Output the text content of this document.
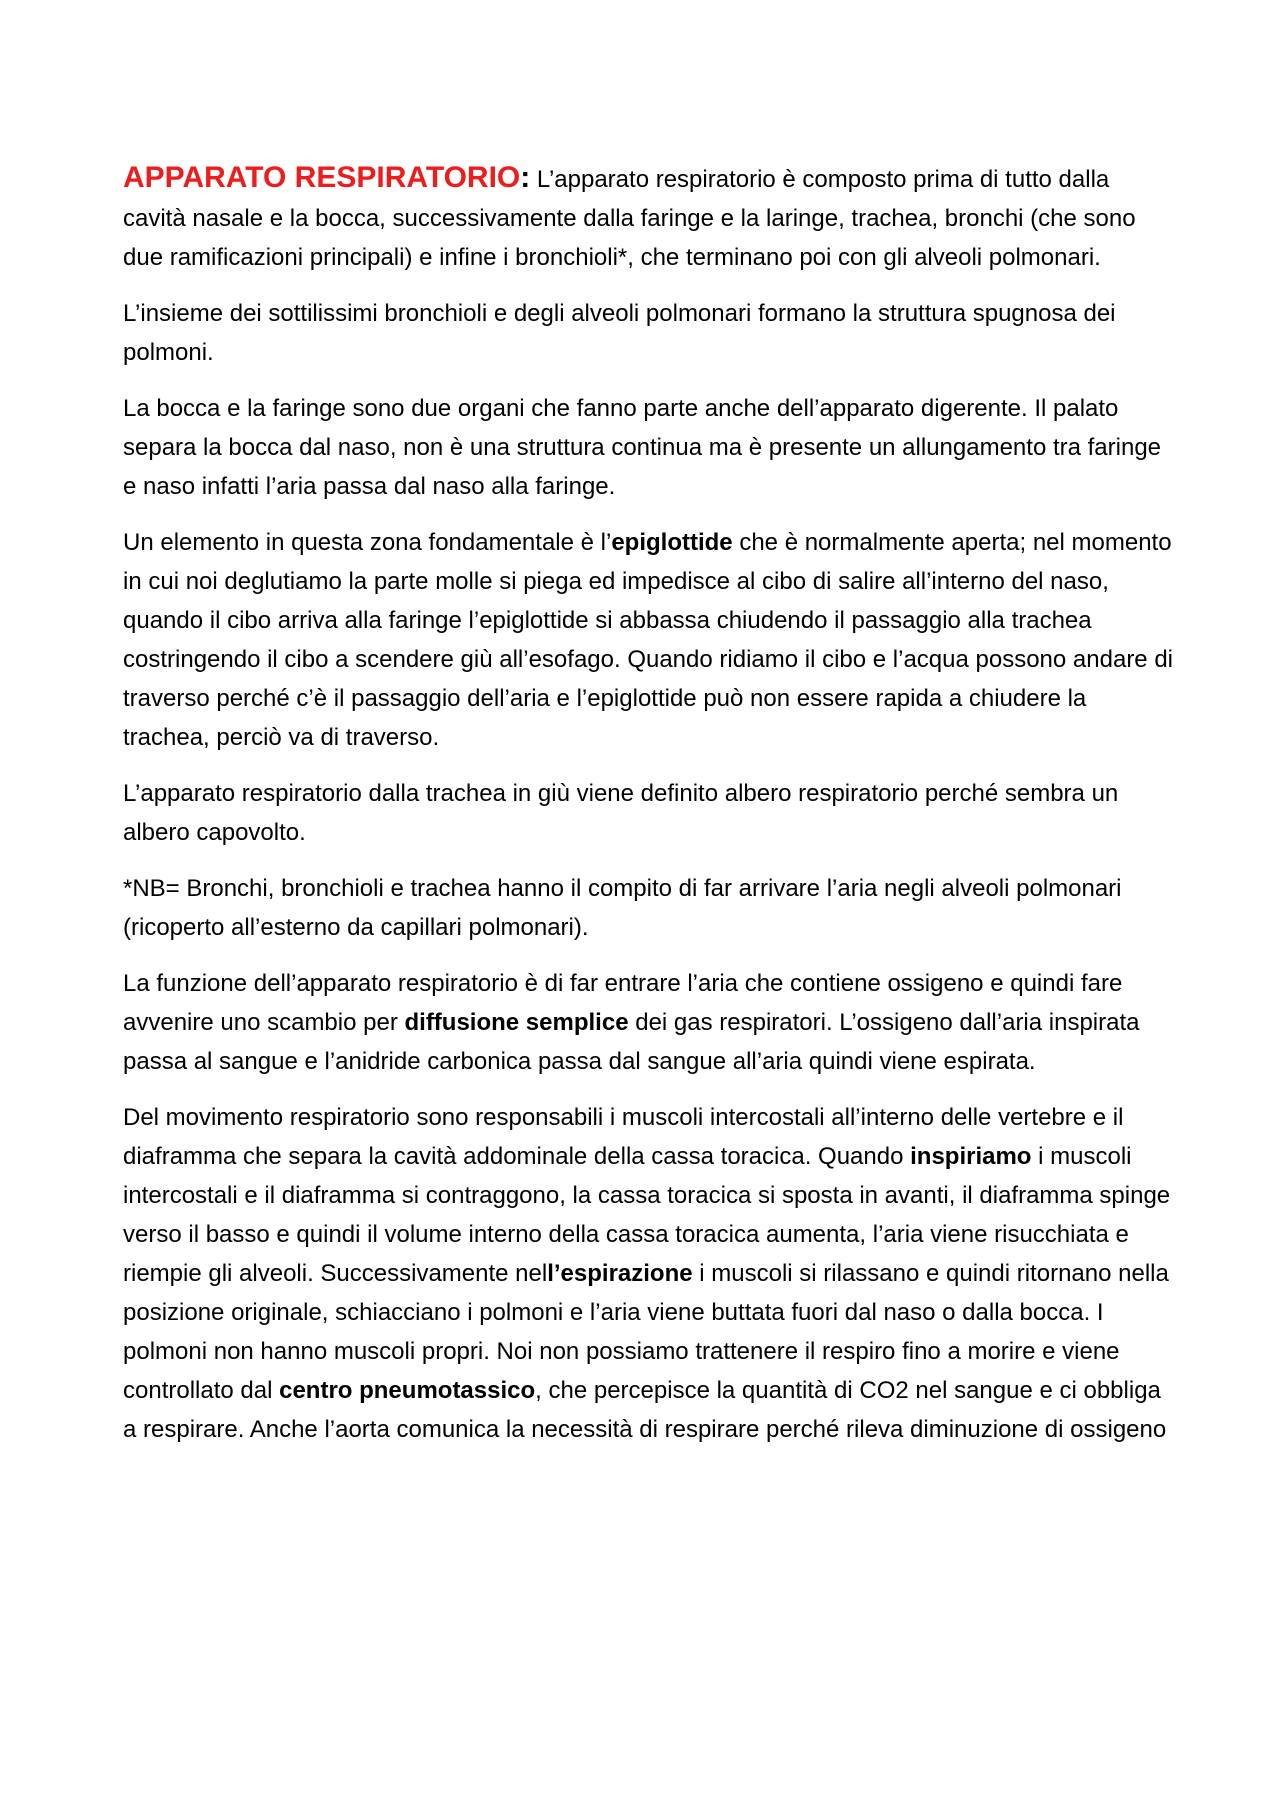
APPARATO RESPIRATORIO: L’apparato respiratorio è composto prima di tutto dalla cavità nasale e la bocca, successivamente dalla faringe e la laringe, trachea, bronchi (che sono due ramificazioni principali) e infine i bronchioli*, che terminano poi con gli alveoli polmonari.

L’insieme dei sottilissimi bronchioli e degli alveoli polmonari formano la struttura spugnosa dei polmoni.

La bocca e la faringe sono due organi che fanno parte anche dell’apparato digerente. Il palato separa la bocca dal naso, non è una struttura continua ma è presente un allungamento tra faringe e naso infatti l’aria passa dal naso alla faringe.

Un elemento in questa zona fondamentale è l’epiglottide che è normalmente aperta; nel momento in cui noi deglutiamo la parte molle si piega ed impedisce al cibo di salire all’interno del naso, quando il cibo arriva alla faringe l’epiglottide si abbassa chiudendo il passaggio alla trachea costringendo il cibo a scendere giù all’esofago. Quando ridiamo il cibo e l’acqua possono andare di traverso perché c’è il passaggio dell’aria e l’epiglottide può non essere rapida a chiudere la trachea, perciò va di traverso.

L’apparato respiratorio dalla trachea in giù viene definito albero respiratorio perché sembra un albero capovolto.

*NB= Bronchi, bronchioli e trachea hanno il compito di far arrivare l’aria negli alveoli polmonari (ricoperto all’esterno da capillari polmonari).

La funzione dell’apparato respiratorio è di far entrare l’aria che contiene ossigeno e quindi fare avvenire uno scambio per diffusione semplice dei gas respiratori. L’ossigeno dall’aria inspirata passa al sangue e l’anidride carbonica passa dal sangue all’aria quindi viene espirata.

Del movimento respiratorio sono responsabili i muscoli intercostali all’interno delle vertebre e il diaframma che separa la cavità addominale della cassa toracica. Quando inspiriamo i muscoli intercostali e il diaframma si contraggono, la cassa toracica si sposta in avanti, il diaframma spinge verso il basso e quindi il volume interno della cassa toracica aumenta, l’aria viene risucchiata e riempie gli alveoli. Successivamente nell’espirazione i muscoli si rilassano e quindi ritornano nella posizione originale, schiacciano i polmoni e l’aria viene buttata fuori dal naso o dalla bocca. I polmoni non hanno muscoli propri. Noi non possiamo trattenere il respiro fino a morire e viene controllato dal centro pneumotassico, che percepisce la quantità di CO2 nel sangue e ci obbliga a respirare. Anche l’aorta comunica la necessità di respirare perché rileva diminuzione di ossigeno
